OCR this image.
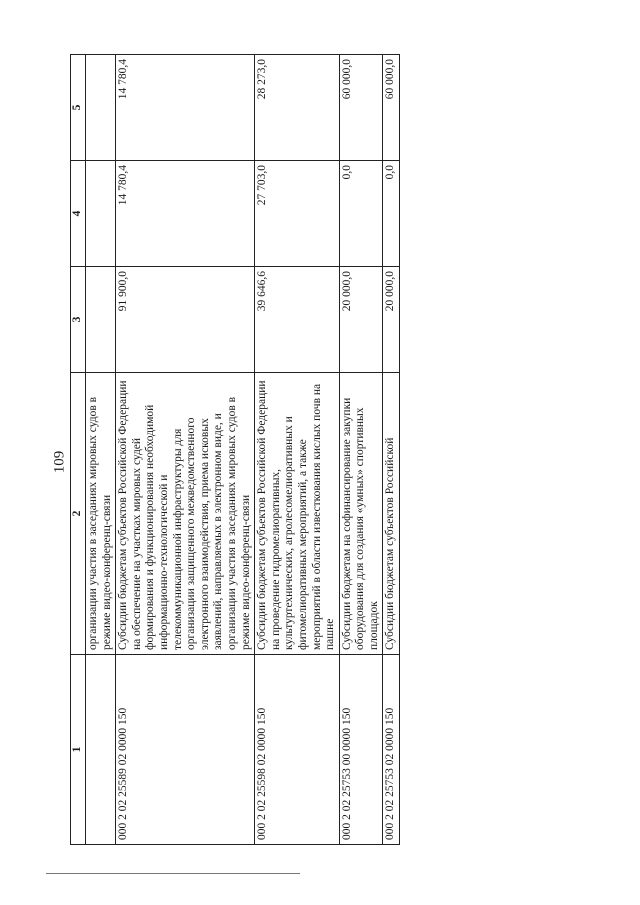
109
1	2	3	4	5
	организации участия в заседаниях мировых судов в режиме видео-конференц-связи			
000 2 02 25589 02 0000 150	Субсидии бюджетам субъектов Российской Федерации на обеспечение на участках мировых судей формирования и функционирования необходимой информационно-технологической и телекоммуникационной инфраструктуры для организации защищенного межведомственного электронного взаимодействия, приема исковых заявлений, направляемых в электронном виде, и организации участия в заседаниях мировых судов в режиме видео-конференц-связи	91 900,0	14 780,4	14 780,4
000 2 02 25598 02 0000 150	Субсидии бюджетам субъектов Российской Федерации на проведение гидромелиоративных, культуртехнических, агролесомелиоративных и фитомелиоративных мероприятий, а также мероприятий в области известкования кислых почв на пашне	39 646,6	27 703,0	28 273,0
000 2 02 25753 00 0000 150	Субсидии бюджетам на софинансирование закупки оборудования для создания «умных» спортивных площадок	20 000,0	0,0	60 000,0
000 2 02 25753 02 0000 150	Субсидии бюджетам субъектов Российской	20 000,0	0,0	60 000,0
